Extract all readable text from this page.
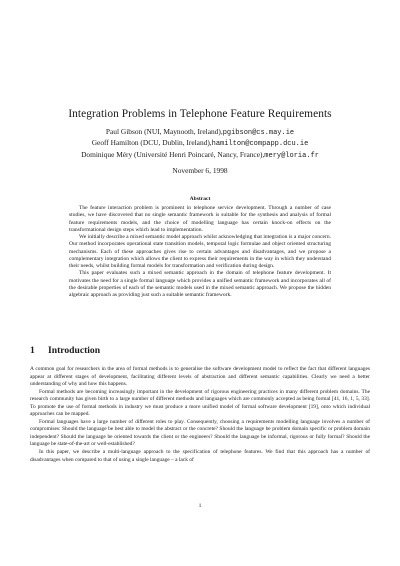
Integration Problems in Telephone Feature Requirements
Paul Gibson (NUI, Maynooth, Ireland),pgibson@cs.may.ie
Geoff Hamilton (DCU, Dublin, Ireland),hamilton@compapp.dcu.ie
Dominique Méry (Université Henri Poincaré, Nancy, France),mery@loria.fr
November 6, 1998
Abstract

The feature interaction problem is prominent in telephone service development. Through a number of case studies, we have discovered that no single semantic framework is suitable for the synthesis and analysis of formal feature requirements models, and the choice of modelling language has certain knock-on effects on the transformational design steps which lead to implementation.

We initially describe a mixed semantic model approach whilst acknowledging that integration is a major concern. Our method incorporates operational state transition models, temporal logic formulae and object oriented structuring mechanisms. Each of these approaches gives rise to certain advantages and disadvantages, and we propose a complementary integration which allows the client to express their requirements in the way in which they understand their needs, whilst building formal models for transformation and verification during design.

This paper evaluates such a mixed semantic approach in the domain of telephone feature development. It motivates the need for a single formal language which provides a unified semantic framework and incorporates all of the desirable properties of each of the semantic models used in the mixed semantic approach. We propose the hidden algebraic approach as providing just such a suitable semantic framework.

1 Introduction

A common goal for researchers in the area of formal methods is to generalise the software development model to reflect the fact that different languages appear at different stages of development, facilitating different levels of abstraction and different semantic capabilities. Clearly we need a better understanding of why and how this happens.

Formal methods are becoming increasingly important in the development of rigorous engineering practices in many different problem domains. The research community has given birth to a large number of different methods and languages which are commonly accepted as being formal [41, 16, 1, 5, 33]. To promote the use of formal methods in industry we must produce a more unified model of formal software development [19], onto which individual approaches can be mapped.

Formal languages have a large number of different roles to play. Consequently, choosing a requirements modelling language involves a number of compromises: Should the language be best able to model the abstract or the concrete? Should the language be problem domain specific or problem domain independent? Should the language be oriented towards the client or the engineers? Should the language be informal, rigorous or fully formal? Should the language be state-of-the-art or well-established?

In this paper, we describe a multi-language approach to the specification of telephone features. We find that this approach has a number of disadvantages when compared to that of using a single language – a lack of

1
